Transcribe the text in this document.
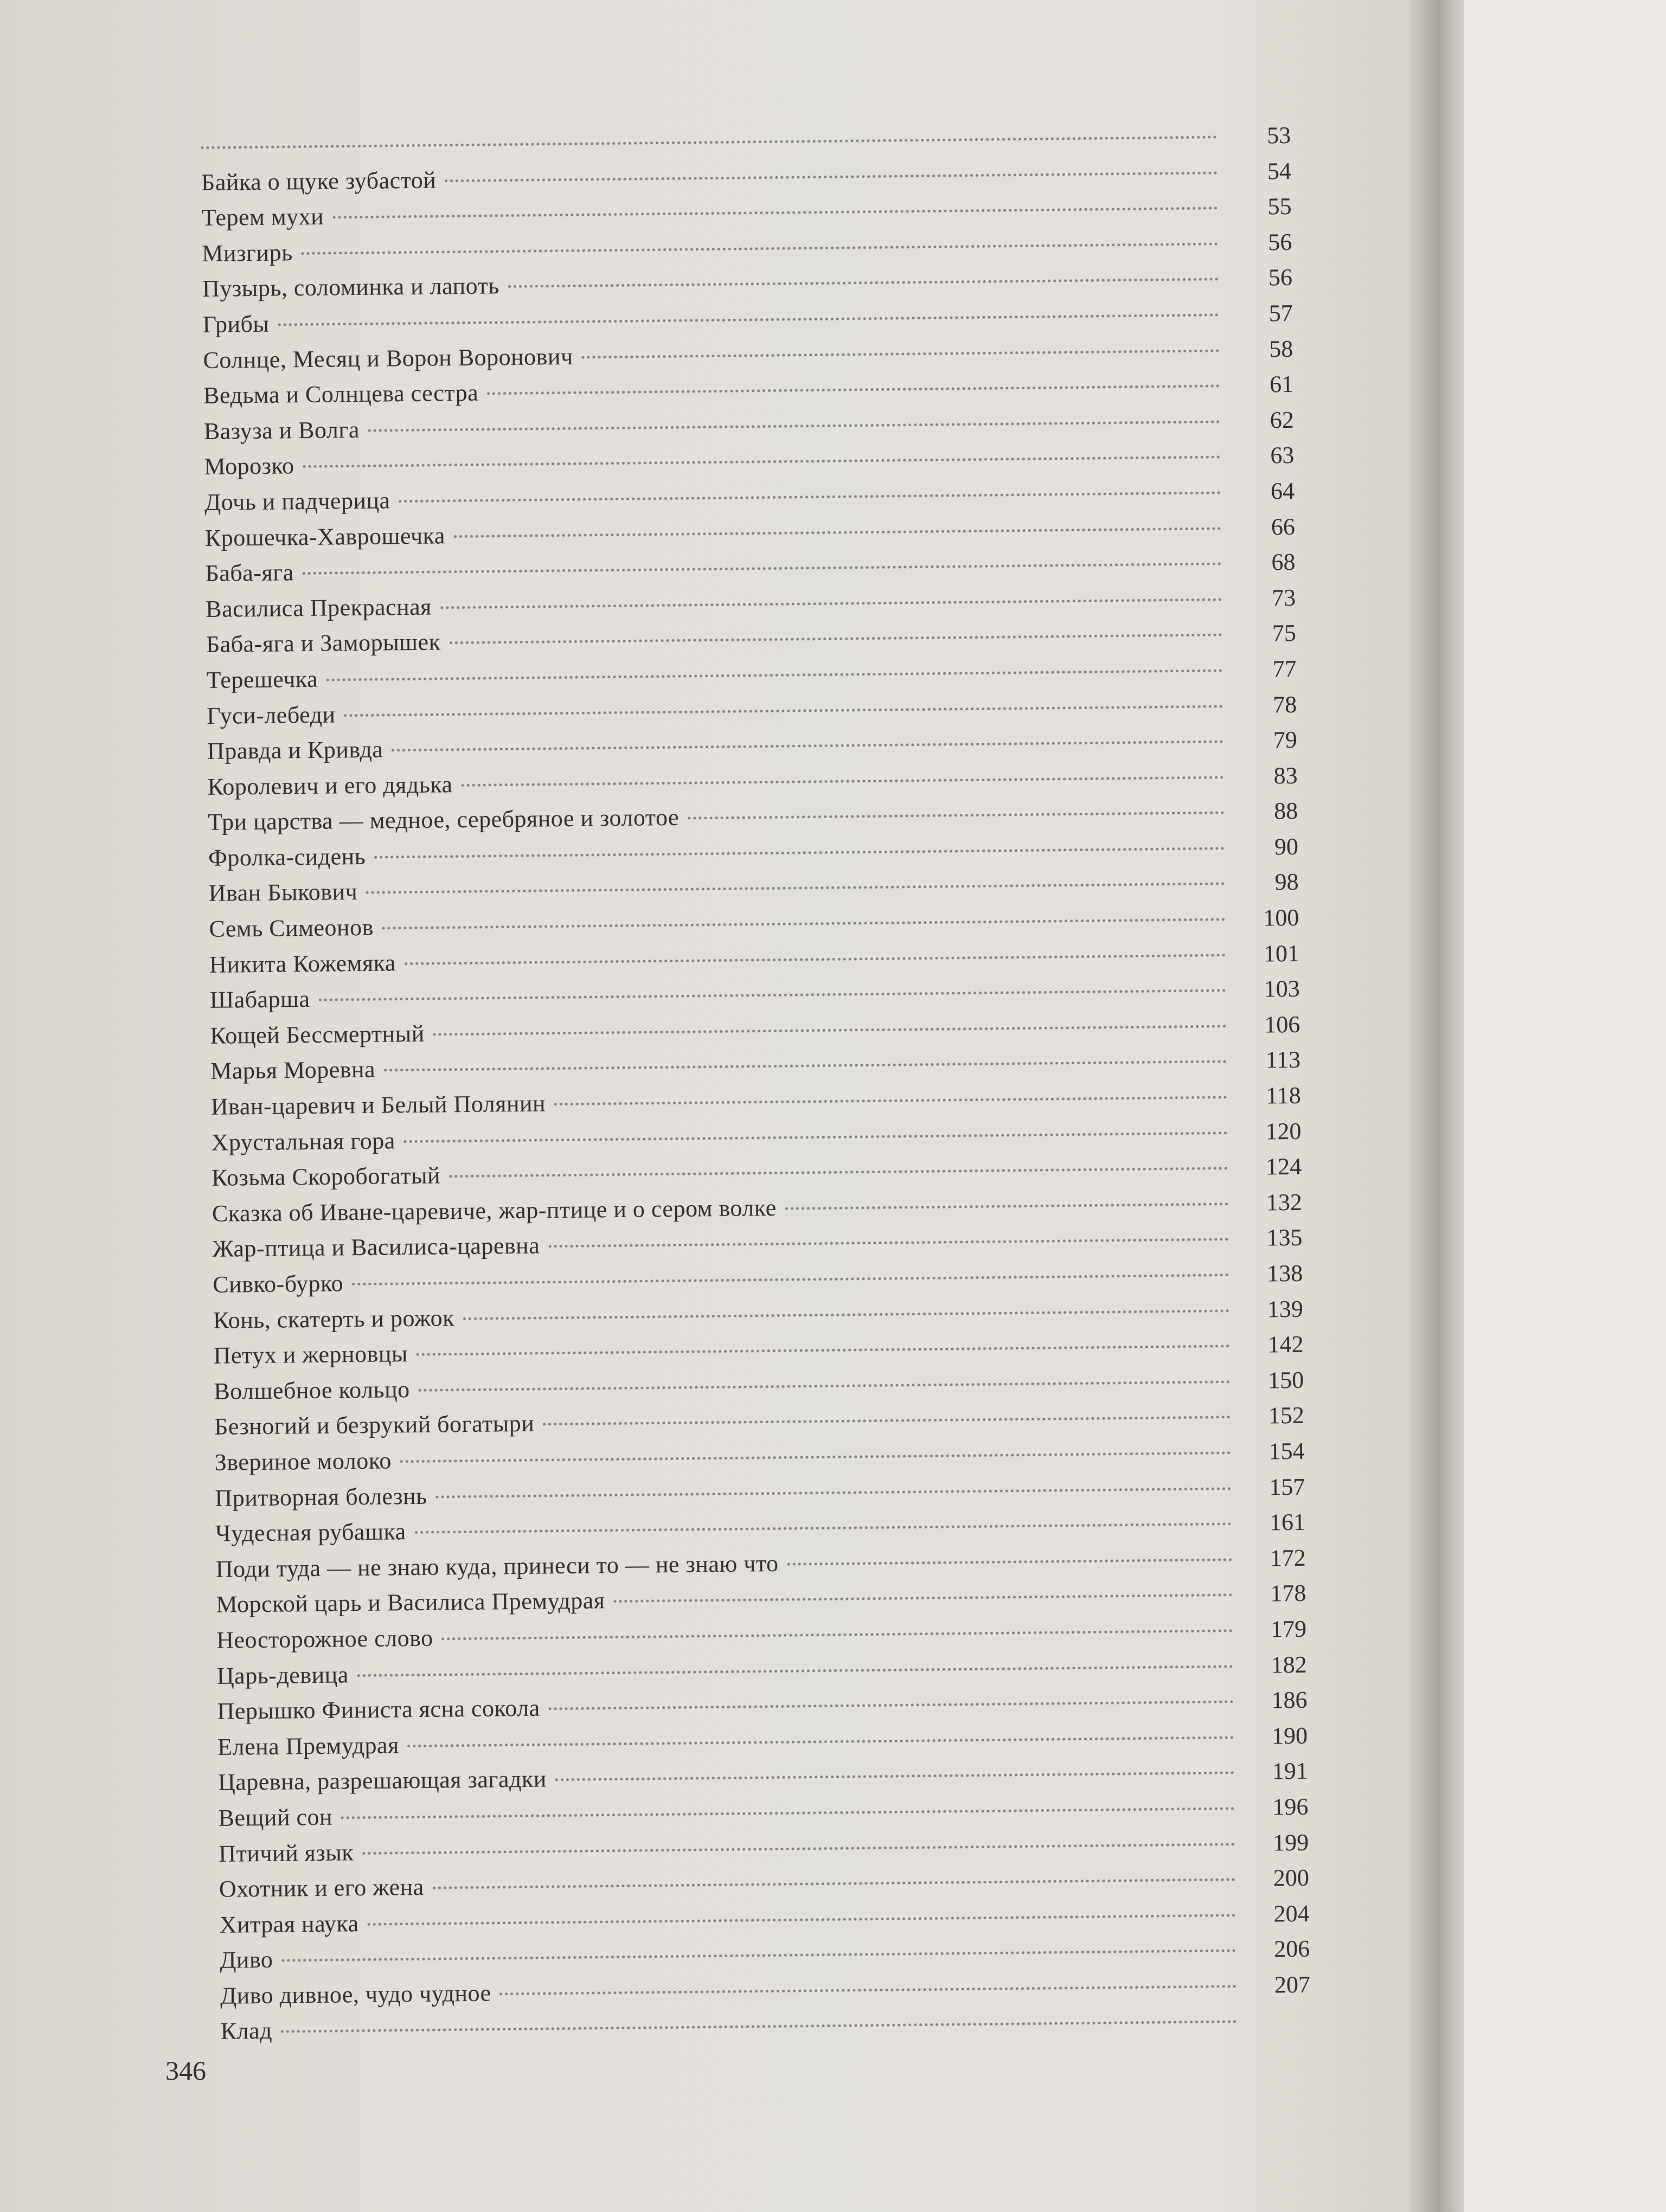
53
Байка о щуке зубастой	54
Терем мухи	55
Мизгирь	56
Пузырь, соломинка и лапоть	56
Грибы	57
Солнце, Месяц и Ворон Воронович	58
Ведьма и Солнцева сестра	61
Вазуза и Волга	62
Морозко	63
Дочь и падчерица	64
Крошечка-Хаврошечка	66
Баба-яга	68
Василиса Прекрасная	73
Баба-яга и Заморышек	75
Терешечка	77
Гуси-лебеди	78
Правда и Кривда	79
Королевич и его дядька	83
Три царства — медное, серебряное и золотое	88
Фролка-сидень	90
Иван Быкович	98
Семь Симеонов	100
Никита Кожемяка	101
Шабарша	103
Кощей Бессмертный	106
Марья Моревна	113
Иван-царевич и Белый Полянин	118
Хрустальная гора	120
Козьма Скоробогатый	124
Сказка об Иване-царевиче, жар-птице и о сером волке	132
Жар-птица и Василиса-царевна	135
Сивко-бурко	138
Конь, скатерть и рожок	139
Петух и жерновцы	142
Волшебное кольцо	150
Безногий и безрукий богатыри	152
Звериное молоко	154
Притворная болезнь	157
Чудесная рубашка	161
Поди туда — не знаю куда, принеси то — не знаю что	172
Морской царь и Василиса Премудрая	178
Неосторожное слово	179
Царь-девица	182
Перышко Финиста ясна сокола	186
Елена Премудрая	190
Царевна, разрешающая загадки	191
Вещий сон	196
Птичий язык	199
Охотник и его жена	200
Хитрая наука	204
Диво	206
Диво дивное, чудо чудное	207
Клад
346
